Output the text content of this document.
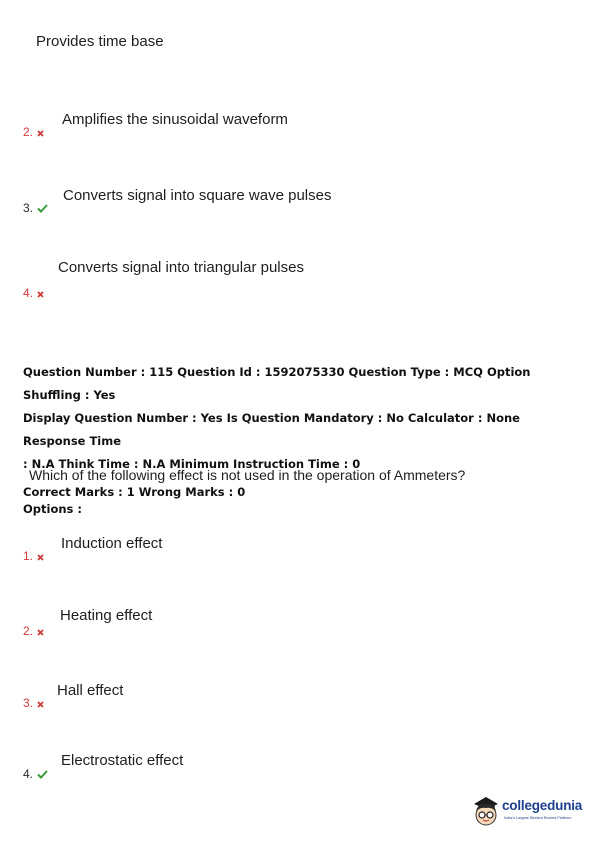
Provides time base
Amplifies the sinusoidal waveform
2.
Converts signal into square wave pulses
3.
Converts signal into triangular pulses
4.
Question Number : 115 Question Id : 1592075330 Question Type : MCQ Option Shuffling : Yes
Display Question Number : Yes Is Question Mandatory : No Calculator : None Response Time
: N.A Think Time : N.A Minimum Instruction Time : 0
Correct Marks : 1 Wrong Marks : 0
Which of the following effect is not used in the operation of Ammeters?
Options :
Induction effect
1.
Heating effect
2.
Hall effect
3.
Electrostatic effect
4.
collegedunia
India's Largest Student Review Platform
